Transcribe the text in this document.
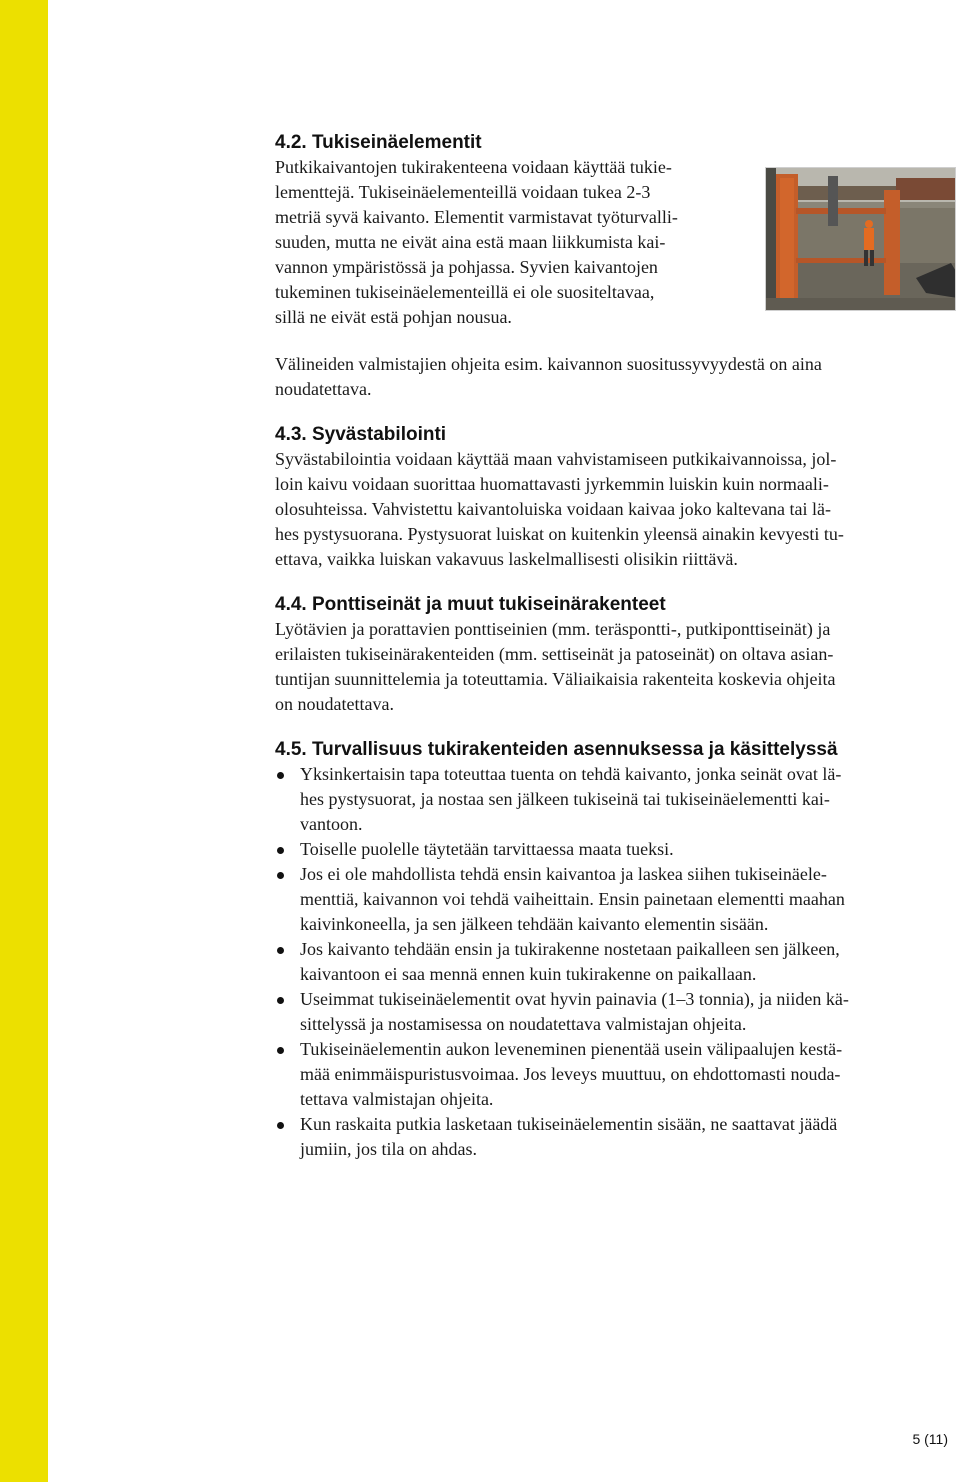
4.2. Tukiseinäelementit
Putkikaivantojen tukirakenteena voidaan käyttää tukie-
lementtejä. Tukiseinäelementeillä voidaan tukea 2-3
metriä syvä kaivanto. Elementit varmistavat työturvalli-
suuden, mutta ne eivät aina estä maan liikkumista kai-
vannon ympäristössä ja pohjassa. Syvien kaivantojen
tukeminen tukiseinäelementeillä ei ole suositeltavaa,
sillä ne eivät estä pohjan nousua.
Välineiden valmistajien ohjeita esim. kaivannon suositussyvyydestä on aina
noudatettava.
4.3. Syvästabilointi
Syvästabilointia voidaan käyttää maan vahvistamiseen putkikaivannoissa, jol-
loin kaivu voidaan suorittaa huomattavasti jyrkemmin luiskin kuin normaali-
olosuhteissa. Vahvistettu kaivantoluiska voidaan kaivaa joko kaltevana tai lä-
hes pystysuorana. Pystysuorat luiskat on kuitenkin yleensä ainakin kevyesti tu-
ettava, vaikka luiskan vakavuus laskelmallisesti olisikin riittävä.
4.4. Ponttiseinät ja muut tukiseinärakenteet
Lyötävien ja porattavien ponttiseinien (mm. teräspontti-, putkiponttiseinät) ja
erilaisten tukiseinärakenteiden (mm. settiseinät ja patoseinät) on oltava asian-
tuntijan suunnittelemia ja toteuttamia. Väliaikaisia rakenteita koskevia ohjeita
on noudatettava.
4.5. Turvallisuus tukirakenteiden asennuksessa ja käsittelyssä
Yksinkertaisin tapa toteuttaa tuenta on tehdä kaivanto, jonka seinät ovat lä-
hes pystysuorat, ja nostaa sen jälkeen tukiseinä tai tukiseinäelementti kai-
vantoon.
Toiselle puolelle täytetään tarvittaessa maata tueksi.
Jos ei ole mahdollista tehdä ensin kaivantoa ja laskea siihen tukiseinäele-
menttiä, kaivannon voi tehdä vaiheittain. Ensin painetaan elementti maahan
kaivinkoneella, ja sen jälkeen tehdään kaivanto elementin sisään.
Jos kaivanto tehdään ensin ja tukirakenne nostetaan paikalleen sen jälkeen,
kaivantoon ei saa mennä ennen kuin tukirakenne on paikallaan.
Useimmat tukiseinäelementit ovat hyvin painavia (1–3 tonnia), ja niiden kä-
sittelyssä ja nostamisessa on noudatettava valmistajan ohjeita.
Tukiseinäelementin aukon leveneminen pienentää usein välipaalujen kestä-
mää enimmäispuristusvoimaa. Jos leveys muuttuu, on ehdottomasti nouda-
tettava valmistajan ohjeita.
Kun raskaita putkia lasketaan tukiseinäelementin sisään, ne saattavat jäädä
jumiin, jos tila on ahdas.
5 (11)
